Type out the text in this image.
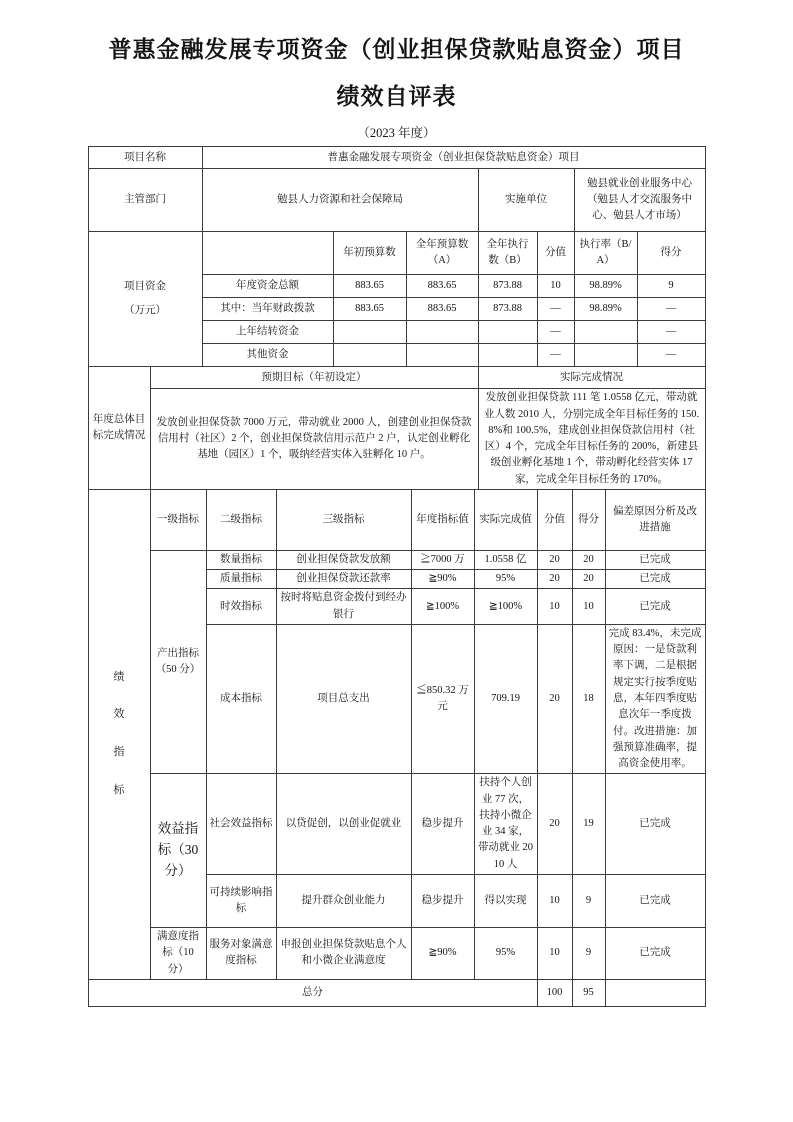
普惠金融发展专项资金（创业担保贷款贴息资金）项目
绩效自评表
（2023 年度）
项目名称	普惠金融发展专项资金（创业担保贷款贴息资金）项目						
主管部门	勉县人力资源和社会保障局			实施单位		勉县就业创业服务中心（勉县人才交流服务中心、勉县人才市场）	

项目资金
（万元）		年初预算数	全年预算数（A）	全年执行数（B）	分值	执行率（B/A）	得分
	年度资金总额	883.65	883.65	873.88	10	98.89%	9
	其中：当年财政拨款	883.65	883.65	873.88	—	98.89%	—
	上年结转资金				—		—
	其他资金				—		—
年度总体目标完成情况	预期目标（年初设定）	实际完成情况
	发放创业担保贷款 7000 万元，带动就业 2000 人，创建创业担保贷款信用村（社区）2 个，创业担保贷款信用示范户 2 户，认定创业孵化基地（园区）1 个，吸纳经营实体入驻孵化 10 户。	发放创业担保贷款 111 笔 1.0558 亿元，带动就业人数 2010 人，分别完成全年目标任务的 150.8%和 100.5%，建成创业担保贷款信用村（社区）4 个，完成全年目标任务的 200%，新建县级创业孵化基地 1 个，带动孵化经营实体 17 家，完成全年目标任务的 170%。
绩效指标	一级指标	二级指标	三级指标	年度指标值	实际完成值	分值	得分	偏差原因分析及改进措施
	产出指标（50 分）	数量指标	创业担保贷款发放额	≧7000 万	1.0558 亿	20	20	已完成
		质量指标	创业担保贷款还款率	≧90%	95%	20	20	已完成
		时效指标	按时将贴息资金拨付到经办银行	≧100%	≧100%	10	10	已完成
		成本指标	项目总支出	≦850.32 万元	709.19	20	18	完成 83.4%，未完成原因：一是贷款利率下调，二是根据规定实行按季度贴息，本年四季度贴息次年一季度拨付。改进措施：加强预算准确率，提高资金使用率。
	效益指标（30 分）	社会效益指标	以贷促创，以创业促就业	稳步提升	扶持个人创业 77 次，扶持小微企业 34 家，带动就业 2010 人	20	19	已完成
		可持续影响指标	提升群众创业能力	稳步提升	得以实现	10	9	已完成
	满意度指标（10 分）	服务对象满意度指标	申报创业担保贷款贴息个人和小微企业满意度	≧90%	95%	10	9	已完成
总分						100	95	
